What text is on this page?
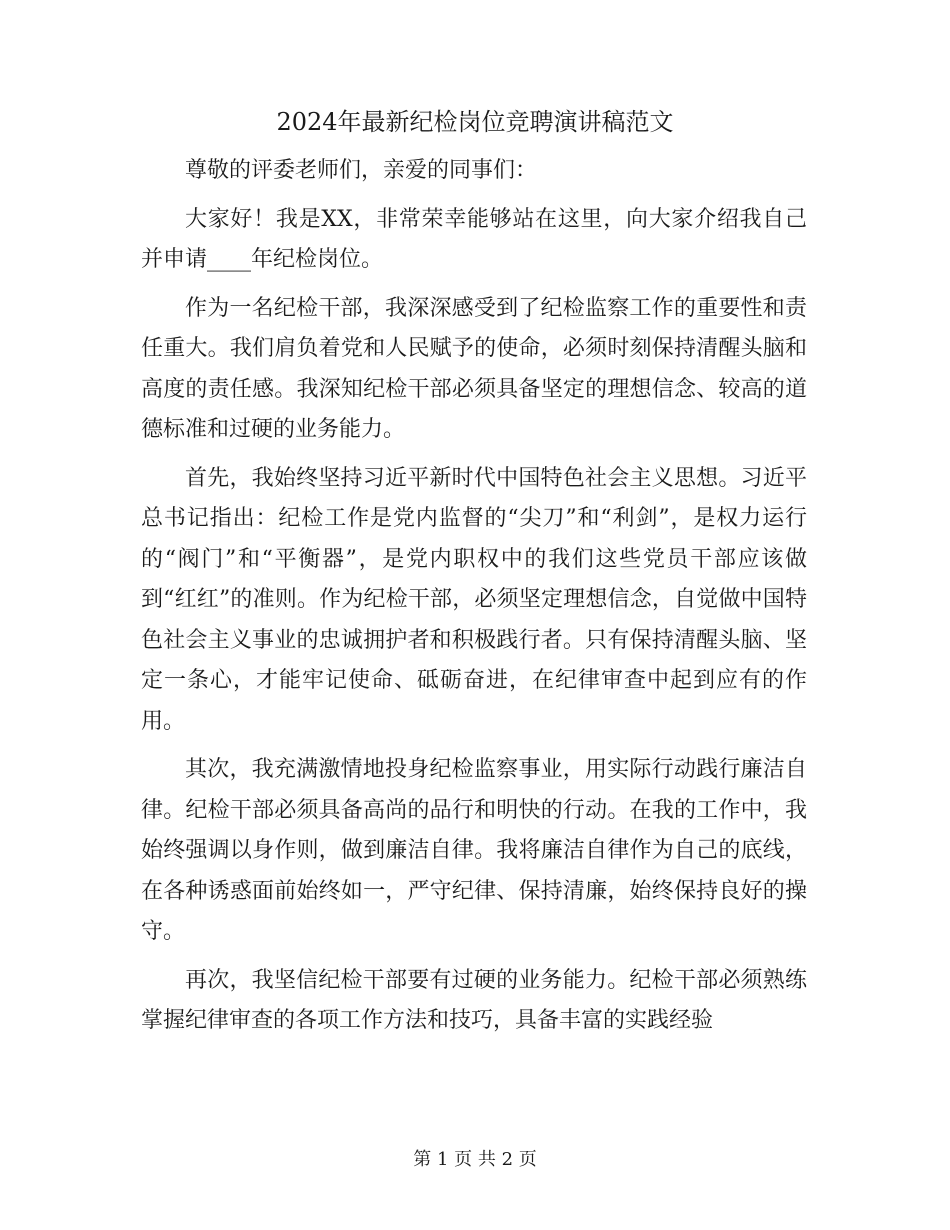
2024年最新纪检岗位竞聘演讲稿范文

尊敬的评委老师们，亲爱的同事们：

大家好！我是XX，非常荣幸能够站在这里，向大家介绍我自己并申请____年纪检岗位。

作为一名纪检干部，我深深感受到了纪检监察工作的重要性和责任重大。我们肩负着党和人民赋予的使命，必须时刻保持清醒头脑和高度的责任感。我深知纪检干部必须具备坚定的理想信念、较高的道德标准和过硬的业务能力。

首先，我始终坚持习近平新时代中国特色社会主义思想。习近平总书记指出：纪检工作是党内监督的“尖刀”和“利剑”，是权力运行的“阀门”和“平衡器”，是党内职权中的我们这些党员干部应该做到“红红”的准则。作为纪检干部，必须坚定理想信念，自觉做中国特色社会主义事业的忠诚拥护者和积极践行者。只有保持清醒头脑、坚定一条心，才能牢记使命、砥砺奋进，在纪律审查中起到应有的作用。

其次，我充满激情地投身纪检监察事业，用实际行动践行廉洁自律。纪检干部必须具备高尚的品行和明快的行动。在我的工作中，我始终强调以身作则，做到廉洁自律。我将廉洁自律作为自己的底线，在各种诱惑面前始终如一，严守纪律、保持清廉，始终保持良好的操守。

再次，我坚信纪检干部要有过硬的业务能力。纪检干部必须熟练掌握纪律审查的各项工作方法和技巧，具备丰富的实践经验

第 1 页 共 2 页
